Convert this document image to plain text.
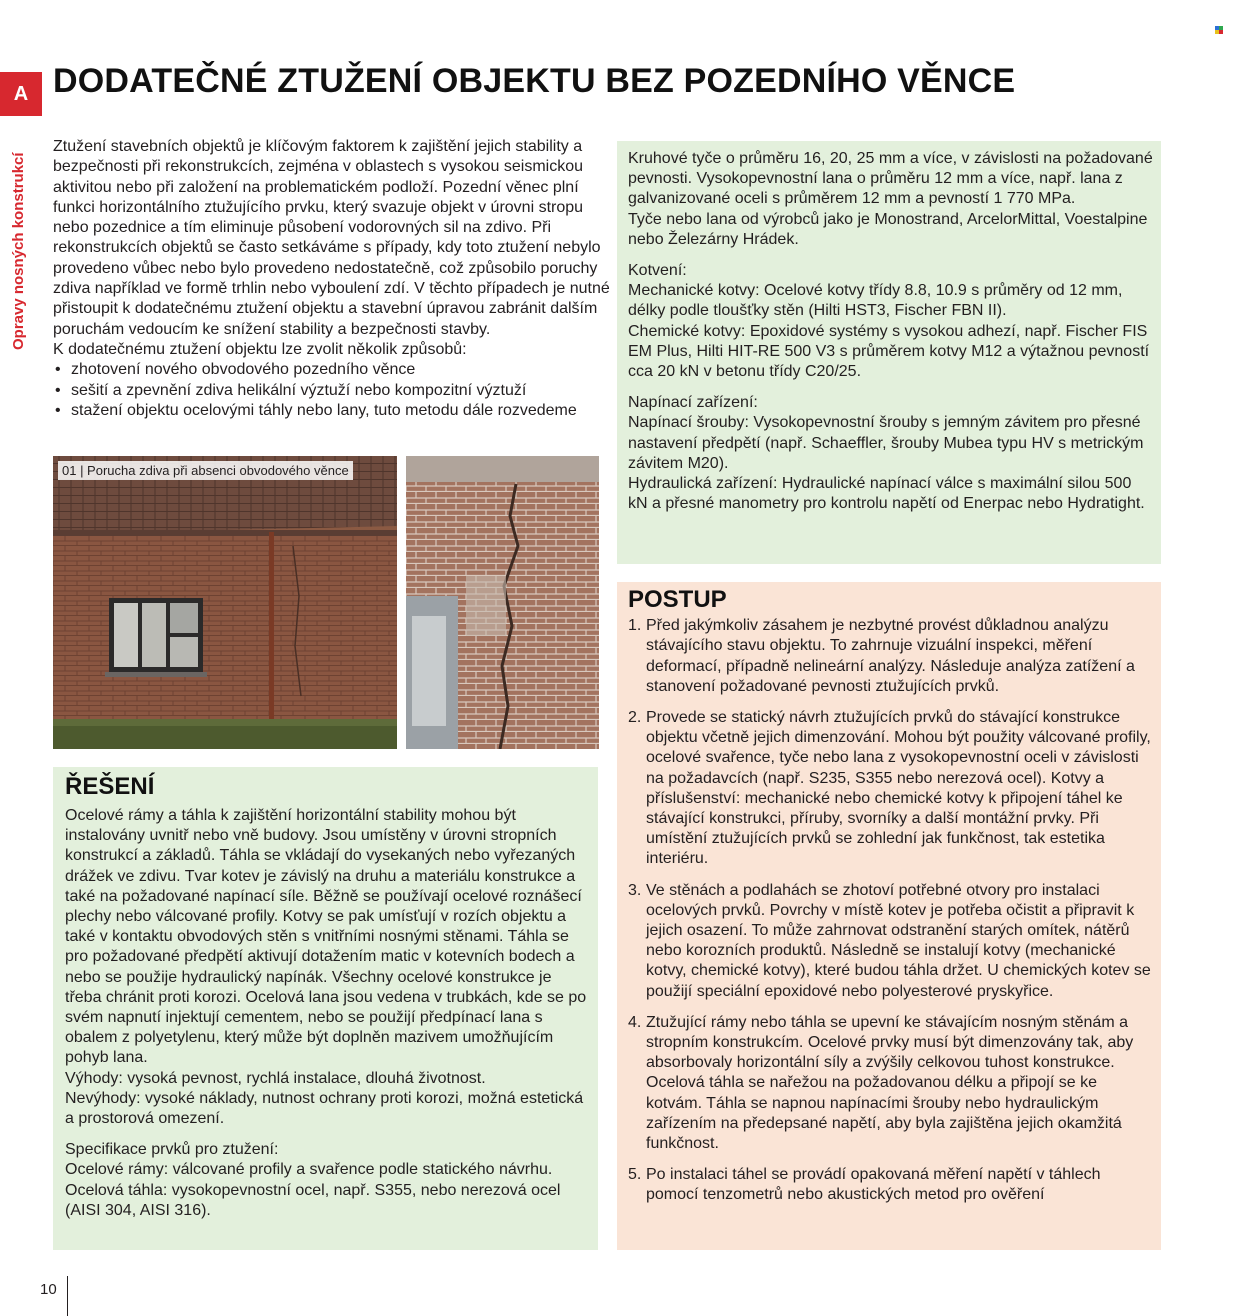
A
Opravy nosných konstrukcí
DODATEČNÉ ZTUŽENÍ OBJEKTU BEZ POZEDNÍHO VĚNCE

Ztužení stavebních objektů je klíčovým faktorem k zajištění jejich stability a bezpečnosti při rekonstrukcích, zejména v oblastech s vysokou seismickou aktivitou nebo při založení na problematickém podloží. Pozední věnec plní funkci horizontálního ztužujícího prvku, který svazuje objekt v úrovni stropu nebo pozednice a tím eliminuje působení vodorovných sil na zdivo. Při rekonstrukcích objektů se často setkáváme s případy, kdy toto ztužení nebylo provedeno vůbec nebo bylo provedeno nedostatečně, což způsobilo poruchy zdiva například ve formě trhlin nebo vyboulení zdí. V těchto případech je nutné přistoupit k dodatečnému ztužení objektu a stavební úpravou zabránit dalším poruchám vedoucím ke snížení stability a bezpečnosti stavby.

K dodatečnému ztužení objektu lze zvolit několik způsobů:

• zhotovení nového obvodového pozedního věnce
• sešití a zpevnění zdiva helikální výztuží nebo kompozitní výztuží
• stažení objektu ocelovými táhly nebo lany, tuto metodu dále rozvedeme
01 | Porucha zdiva při absenci obvodového věnce
ŘEŠENÍ

Ocelové rámy a táhla k zajištění horizontální stability mohou být instalovány uvnitř nebo vně budovy. Jsou umístěny v úrovni stropních konstrukcí a základů. Táhla se vkládají do vysekaných nebo vyřezaných drážek ve zdivu. Tvar kotev je závislý na druhu a materiálu konstrukce a také na požadované napínací síle. Běžně se používají ocelové roznášecí plechy nebo válcované profily. Kotvy se pak umísťují v rozích objektu a také v kontaktu obvodových stěn s vnitřními nosnými stěnami. Táhla se pro požadované předpětí aktivují dotažením matic v kotevních bodech a nebo se použije hydraulický napínák. Všechny ocelové konstrukce je třeba chránit proti korozi. Ocelová lana jsou vedena v trubkách, kde se po svém napnutí injektují cementem, nebo se použijí předpínací lana s obalem z polyetylenu, který může být doplněn mazivem umožňujícím pohyb lana.

Výhody: vysoká pevnost, rychlá instalace, dlouhá životnost.

Nevýhody: vysoké náklady, nutnost ochrany proti korozi, možná estetická a prostorová omezení.

Specifikace prvků pro ztužení:

Ocelové rámy: válcované profily a svařence podle statického návrhu.

Ocelová táhla: vysokopevnostní ocel, např. S355, nebo nerezová ocel (AISI 304, AISI 316).

Kruhové tyče o průměru 16, 20, 25 mm a více, v závislosti na požadované pevnosti. Vysokopevnostní lana o průměru 12 mm a více, např. lana z galvanizované oceli s průměrem 12 mm a pevností 1 770 MPa.

Tyče nebo lana od výrobců jako je Monostrand, ArcelorMittal, Voestalpine nebo Železárny Hrádek.

Kotvení:

Mechanické kotvy: Ocelové kotvy třídy 8.8, 10.9 s průměry od 12 mm, délky podle tloušťky stěn (Hilti HST3, Fischer FBN II).

Chemické kotvy: Epoxidové systémy s vysokou adhezí, např. Fischer FIS EM Plus, Hilti HIT-RE 500 V3 s průměrem kotvy M12 a výtažnou pevností cca 20 kN v betonu třídy C20/25.

Napínací zařízení:

Napínací šrouby: Vysokopevnostní šrouby s jemným závitem pro přesné nastavení předpětí (např. Schaeffler, šrouby Mubea typu HV s metrickým závitem M20).

Hydraulická zařízení: Hydraulické napínací válce s maximální silou 500 kN a přesné manometry pro kontrolu napětí od Enerpac nebo Hydratight.

POSTUP
1. Před jakýmkoliv zásahem je nezbytné provést důkladnou analýzu stávajícího stavu objektu. To zahrnuje vizuální inspekci, měření deformací, případně nelineární analýzy. Následuje analýza zatížení a stanovení požadované pevnosti ztužujících prvků.
2. Provede se statický návrh ztužujících prvků do stávající konstrukce objektu včetně jejich dimenzování. Mohou být použity válcované profily, ocelové svařence, tyče nebo lana z vysokopevnostní oceli v závislosti na požadavcích (např. S235, S355 nebo nerezová ocel). Kotvy a příslušenství: mechanické nebo chemické kotvy k připojení táhel ke stávající konstrukci, příruby, svorníky a další montážní prvky. Při umístění ztužujících prvků se zohlední jak funkčnost, tak estetika interiéru.
3. Ve stěnách a podlahách se zhotoví potřebné otvory pro instalaci ocelových prvků. Povrchy v místě kotev je potřeba očistit a připravit k jejich osazení. To může zahrnovat odstranění starých omítek, nátěrů nebo korozních produktů. Následně se instalují kotvy (mechanické kotvy, chemické kotvy), které budou táhla držet. U chemických kotev se použijí speciální epoxidové nebo polyesterové pryskyřice.
4. Ztužující rámy nebo táhla se upevní ke stávajícím nosným stěnám a stropním konstrukcím. Ocelové prvky musí být dimenzovány tak, aby absorbovaly horizontální síly a zvýšily celkovou tuhost konstrukce. Ocelová táhla se nařežou na požadovanou délku a připojí se ke kotvám. Táhla se napnou napínacími šrouby nebo hydraulickým zařízením na předepsané napětí, aby byla zajištěna jejich okamžitá funkčnost.
5. Po instalaci táhel se provádí opakovaná měření napětí v táhlech pomocí tenzometrů nebo akustických metod pro ověření
10
